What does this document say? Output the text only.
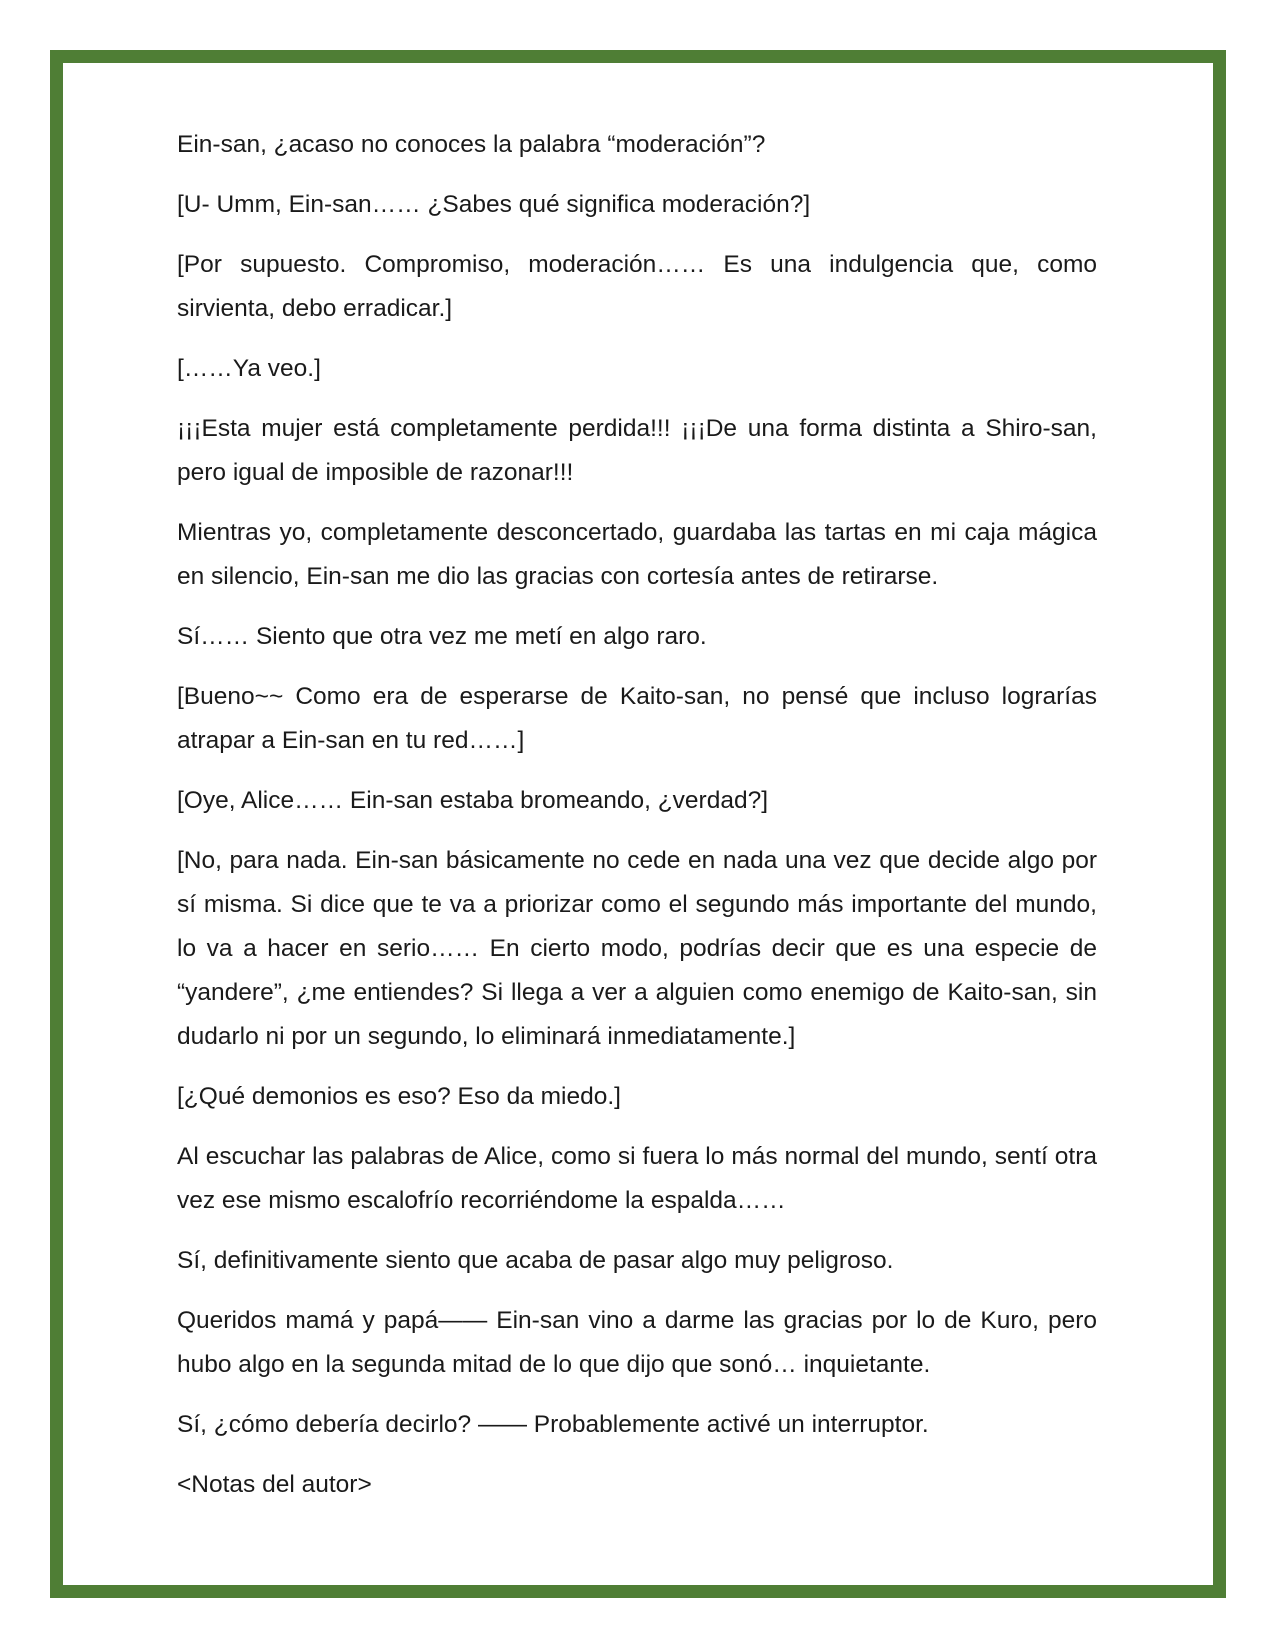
Ein-san, ¿acaso no conoces la palabra “moderación”?

[U- Umm, Ein-san…… ¿Sabes qué significa moderación?]

[Por supuesto. Compromiso, moderación…… Es una indulgencia que, como sirvienta, debo erradicar.]

[……Ya veo.]

¡¡¡Esta mujer está completamente perdida!!! ¡¡¡De una forma distinta a Shiro-san, pero igual de imposible de razonar!!!

Mientras yo, completamente desconcertado, guardaba las tartas en mi caja mágica en silencio, Ein-san me dio las gracias con cortesía antes de retirarse.

Sí…… Siento que otra vez me metí en algo raro.

[Bueno~~ Como era de esperarse de Kaito-san, no pensé que incluso lograrías atrapar a Ein-san en tu red……]

[Oye, Alice…… Ein-san estaba bromeando, ¿verdad?]

[No, para nada. Ein-san básicamente no cede en nada una vez que decide algo por sí misma. Si dice que te va a priorizar como el segundo más importante del mundo, lo va a hacer en serio…… En cierto modo, podrías decir que es una especie de “yandere”, ¿me entiendes? Si llega a ver a alguien como enemigo de Kaito-san, sin dudarlo ni por un segundo, lo eliminará inmediatamente.]

[¿Qué demonios es eso? Eso da miedo.]

Al escuchar las palabras de Alice, como si fuera lo más normal del mundo, sentí otra vez ese mismo escalofrío recorriéndome la espalda……

Sí, definitivamente siento que acaba de pasar algo muy peligroso.

Queridos mamá y papá—— Ein-san vino a darme las gracias por lo de Kuro, pero hubo algo en la segunda mitad de lo que dijo que sonó… inquietante.

Sí, ¿cómo debería decirlo? —— Probablemente activé un interruptor.

<Notas del autor>
